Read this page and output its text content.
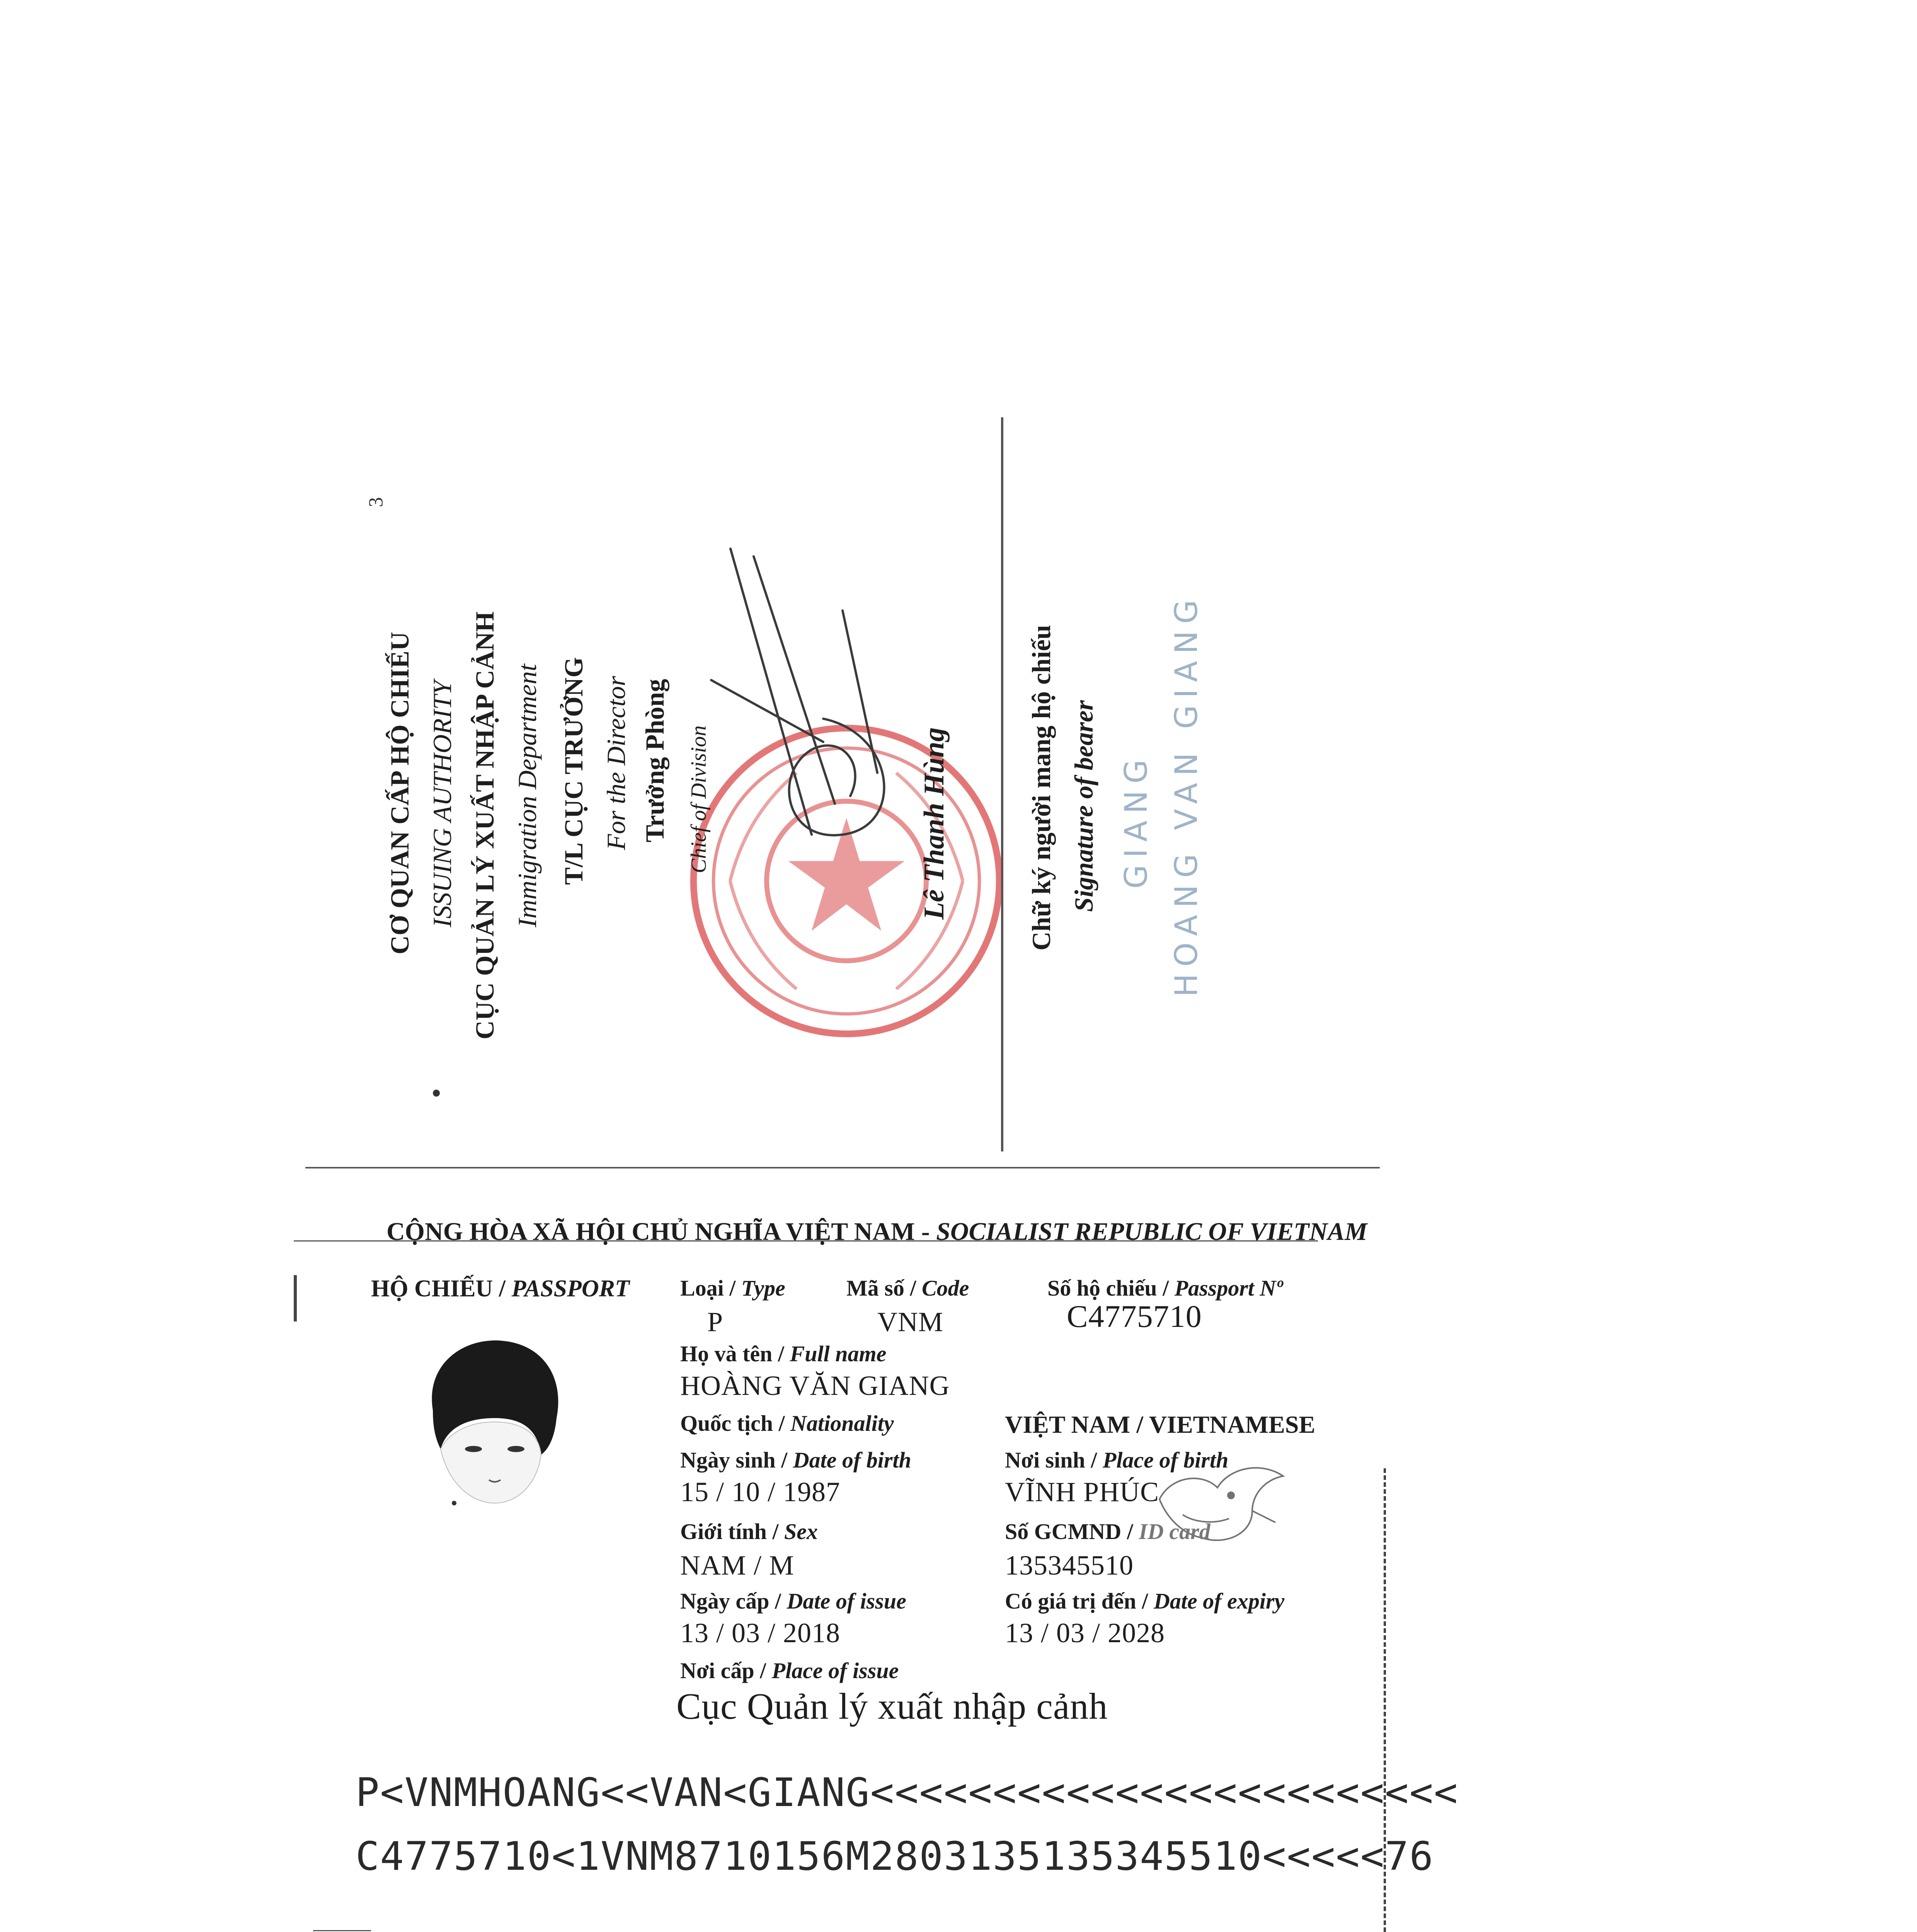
3
CƠ QUAN CẤP HỘ CHIẾU ISSUING AUTHORITY CỤC QUẢN LÝ XUẤT NHẬP CẢNH Immigration Department T/L CỤC TRƯỞNG For the Director Trưởng Phòng Chief of Division	Lê Thanh Hùng	Chữ ký người mang hộ chiếu Signature of bearer GIANG HOANG VAN GIANG
CỘNG HÒA XÃ HỘI CHỦ NGHĨA VIỆT NAM - SOCIALIST REPUBLIC OF VIETNAM
HỘ CHIẾU / PASSPORT Loại / Type	Mã số / Code	Số hộ chiếu / Passport Nº
P	VNM	C4775710
Họ và tên / Full name
HOÀNG VĂN GIANG
Quốc tịch / Nationality	VIỆT NAM / VIETNAMESE
Ngày sinh / Date of birth	Nơi sinh / Place of birth
15 / 10 / 1987	VĨNH PHÚC
Giới tính / Sex	Số GCMND / ID card
NAM / M	135345510
Ngày cấp / Date of issue	Có giá trị đến / Date of expiry
13 / 03 / 2018	13 / 03 / 2028
Nơi cấp / Place of issue
Cục Quản lý xuất nhập cảnh
P<VNMHOANG<<VAN<GIANG<<<<<<<<<<<<<<<<<<<<<<<<
C4775710<1VNM8710156M2803135135345510<<<<<76
